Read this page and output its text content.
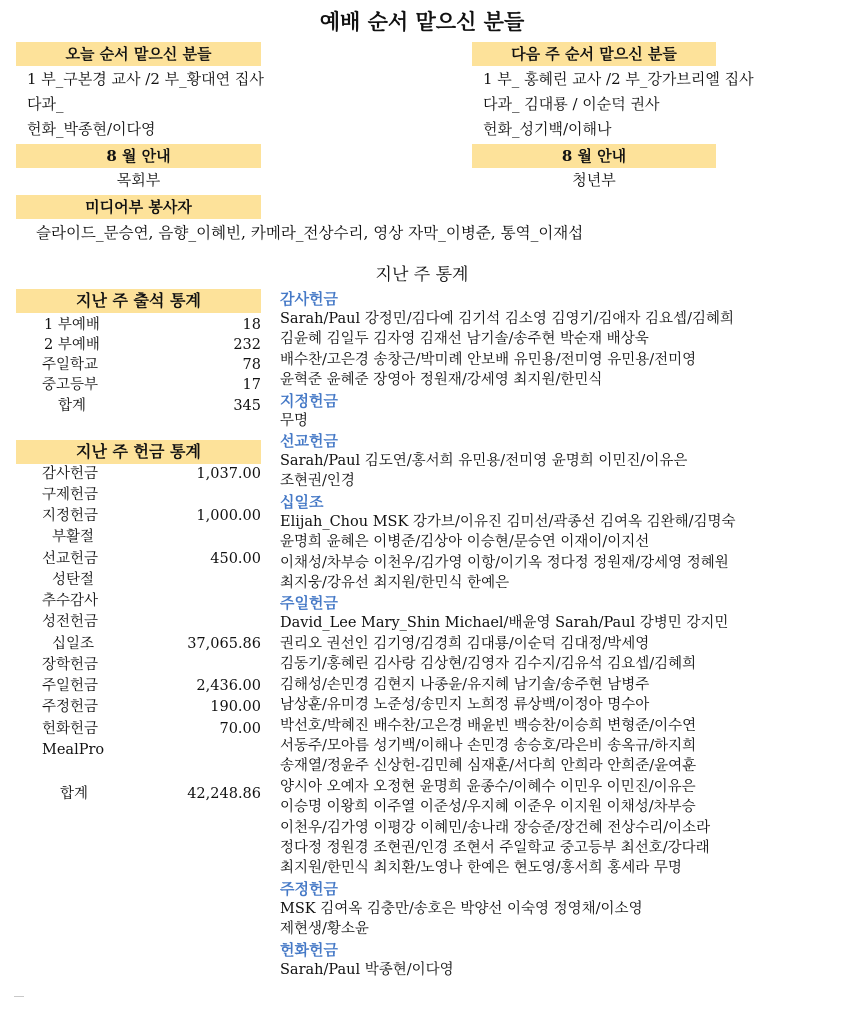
예배 순서 맡으신 분들
오늘 순서 맡으신 분들
1 부_구본경 교사 /2 부_황대연 집사
다과_
헌화_박종현/이다영
8 월 안내
목회부
미디어부 봉사자
슬라이드_문승연, 음향_이혜빈, 카메라_전상수리, 영상 자막_이병준, 통역_이재섭
다음 주 순서 맡으신 분들
1 부_ 홍혜린 교사 /2 부_강가브리엘 집사
다과_ 김대룡 / 이순덕 권사
헌화_성기백/이해나
8 월 안내
청년부
지난 주 통계
지난 주 출석 통계
1 부예배	18
2 부예배	232
주일학교	78
중고등부	17
합계	345
지난 주 헌금 통계
감사헌금	1,037.00
구제헌금
지정헌금	1,000.00
부활절
선교헌금	450.00
성탄절
추수감사
성전헌금
십일조	37,065.86
장학헌금
주일헌금	2,436.00
주정헌금	190.00
헌화헌금	70.00
MealPro
합계	42,248.86
감사헌금
Sarah/Paul 강정민/김다예 김기석 김소영 김영기/김애자 김요셉/김혜희
김윤혜 김일두 김자영 김재선 남기솔/송주현 박순재 배상욱
배수찬/고은경 송창근/박미례 안보배 유민용/전미영 유민용/전미영
윤혁준 윤혜준 장영아 정원재/강세영 최지원/한민식
지정헌금
무명
선교헌금
Sarah/Paul 김도연/홍서희 유민용/전미영 윤명희 이민진/이유은
조현권/인경
십일조
Elijah_Chou MSK 강가브/이유진 김미선/곽종선 김여옥 김완해/김명숙
윤명희 윤혜은 이병준/김상아 이승현/문승연 이재이/이지선
이채성/차부승 이천우/김가영 이항/이기옥 정다정 정원재/강세영 정혜원
최지웅/강유선 최지원/한민식 한예은
주일헌금
David_Lee Mary_Shin Michael/배윤영 Sarah/Paul 강병민 강지민
권리오 권선인 김기영/김경희 김대룡/이순덕 김대정/박세영
김동기/홍혜린 김사랑 김상현/김영자 김수지/김유석 김요셉/김혜희
김해성/손민경 김현지 나종윤/유지혜 남기솔/송주현 남병주
남상훈/유미경 노준성/송민지 노희정 류상백/이정아 명수아
박선호/박혜진 배수찬/고은경 배윤빈 백승찬/이승희 변형준/이수연
서동주/모아름 성기백/이해나 손민경 송승호/라은비 송옥규/하지희
송재열/정윤주 신상헌-김민혜 심재훈/서다희 안희라 안희준/윤여훈
양시아 오예자 오정현 윤명희 윤종수/이혜수 이민우 이민진/이유은
이승명 이왕희 이주열 이준성/우지혜 이준우 이지원 이채성/차부승
이천우/김가영 이평강 이혜민/송나래 장승준/장건혜 전상수리/이소라
정다정 정원경 조현권/인경 조현서 주일학교 중고등부 최선호/강다래
최지원/한민식 최치환/노영나 한예은 현도영/홍서희 홍세라 무명
주정헌금
MSK 김여옥 김충만/송호은 박양선 이숙영 정영채/이소영
제현생/황소윤
헌화헌금
Sarah/Paul 박종현/이다영
